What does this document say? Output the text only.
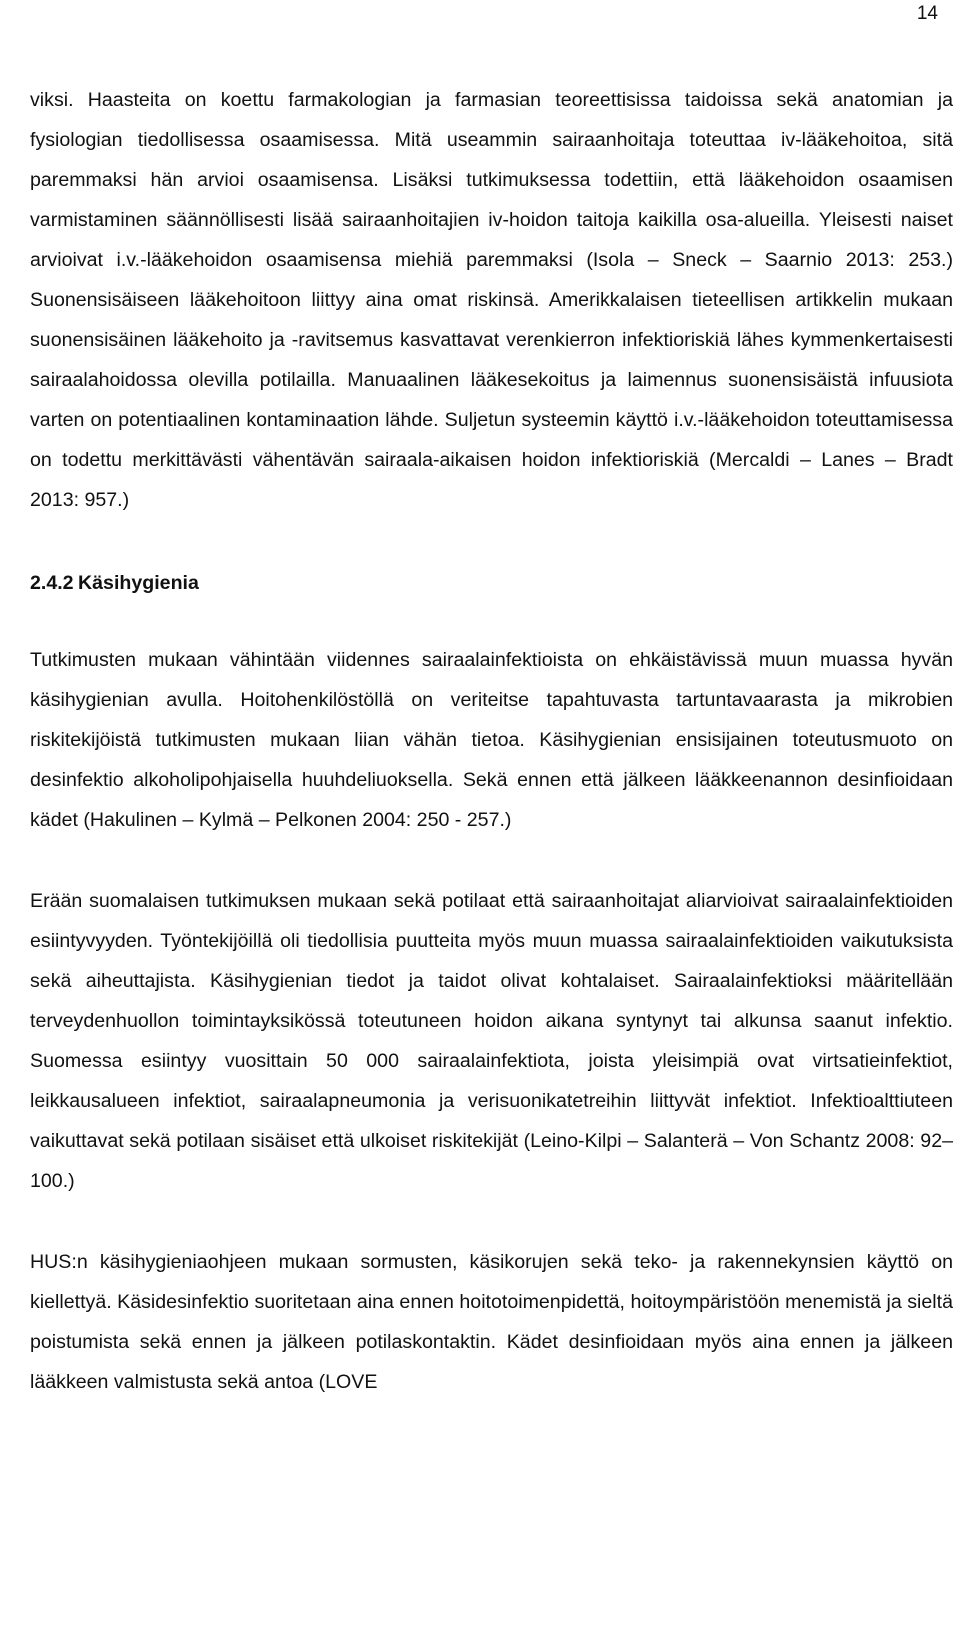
14

viksi. Haasteita on koettu farmakologian ja farmasian teoreettisissa taidoissa sekä anatomian ja fysiologian tiedollisessa osaamisessa. Mitä useammin sairaanhoitaja toteuttaa iv-lääkehoitoa, sitä paremmaksi hän arvioi osaamisensa. Lisäksi tutkimuksessa todettiin, että lääkehoidon osaamisen varmistaminen säännöllisesti lisää sairaanhoitajien iv-hoidon taitoja kaikilla osa-alueilla. Yleisesti naiset arvioivat i.v.-lääkehoidon osaamisensa miehiä paremmaksi (Isola – Sneck – Saarnio 2013: 253.) Suonensisäiseen lääkehoitoon liittyy aina omat riskinsä. Amerikkalaisen tieteellisen artikkelin mukaan suonensisäinen lääkehoito ja -ravitsemus kasvattavat verenkierron infektioriskiä lähes kymmenkertaisesti sairaalahoidossa olevilla potilailla. Manuaalinen lääkesekoitus ja laimennus suonensisäistä infuusiota varten on potentiaalinen kontaminaation lähde. Suljetun systeemin käyttö i.v.-lääkehoidon toteuttamisessa on todettu merkittävästi vähentävän sairaala-aikaisen hoidon infektioriskiä (Mercaldi – Lanes – Bradt 2013: 957.)

2.4.2 Käsihygienia

Tutkimusten mukaan vähintään viidennes sairaalainfektioista on ehkäistävissä muun muassa hyvän käsihygienian avulla. Hoitohenkilöstöllä on veriteitse tapahtuvasta tartuntavaarasta ja mikrobien riskitekijöistä tutkimusten mukaan liian vähän tietoa. Käsihygienian ensisijainen toteutusmuoto on desinfektio alkoholipohjaisella huuhdeliuoksella. Sekä ennen että jälkeen lääkkeenannon desinfioidaan kädet (Hakulinen – Kylmä – Pelkonen 2004: 250 - 257.)

Erään suomalaisen tutkimuksen mukaan sekä potilaat että sairaanhoitajat aliarvioivat sairaalainfektioiden esiintyvyyden. Työntekijöillä oli tiedollisia puutteita myös muun muassa sairaalainfektioiden vaikutuksista sekä aiheuttajista. Käsihygienian tiedot ja taidot olivat kohtalaiset. Sairaalainfektioksi määritellään terveydenhuollon toimintayksikössä toteutuneen hoidon aikana syntynyt tai alkunsa saanut infektio. Suomessa esiintyy vuosittain 50 000 sairaalainfektiota, joista yleisimpiä ovat virtsatieinfektiot, leikkausalueen infektiot, sairaalapneumonia ja verisuonikatetreihin liittyvät infektiot. Infektioalttiuteen vaikuttavat sekä potilaan sisäiset että ulkoiset riskitekijät (Leino-Kilpi – Salanterä – Von Schantz 2008: 92–100.)

HUS:n käsihygieniaohjeen mukaan sormusten, käsikorujen sekä teko- ja rakennekynsien käyttö on kiellettyä. Käsidesinfektio suoritetaan aina ennen hoitotoimenpidettä, hoitoympäristöön menemistä ja sieltä poistumista sekä ennen ja jälkeen potilaskontaktin. Kädet desinfioidaan myös aina ennen ja jälkeen lääkkeen valmistusta sekä antoa (LOVE
